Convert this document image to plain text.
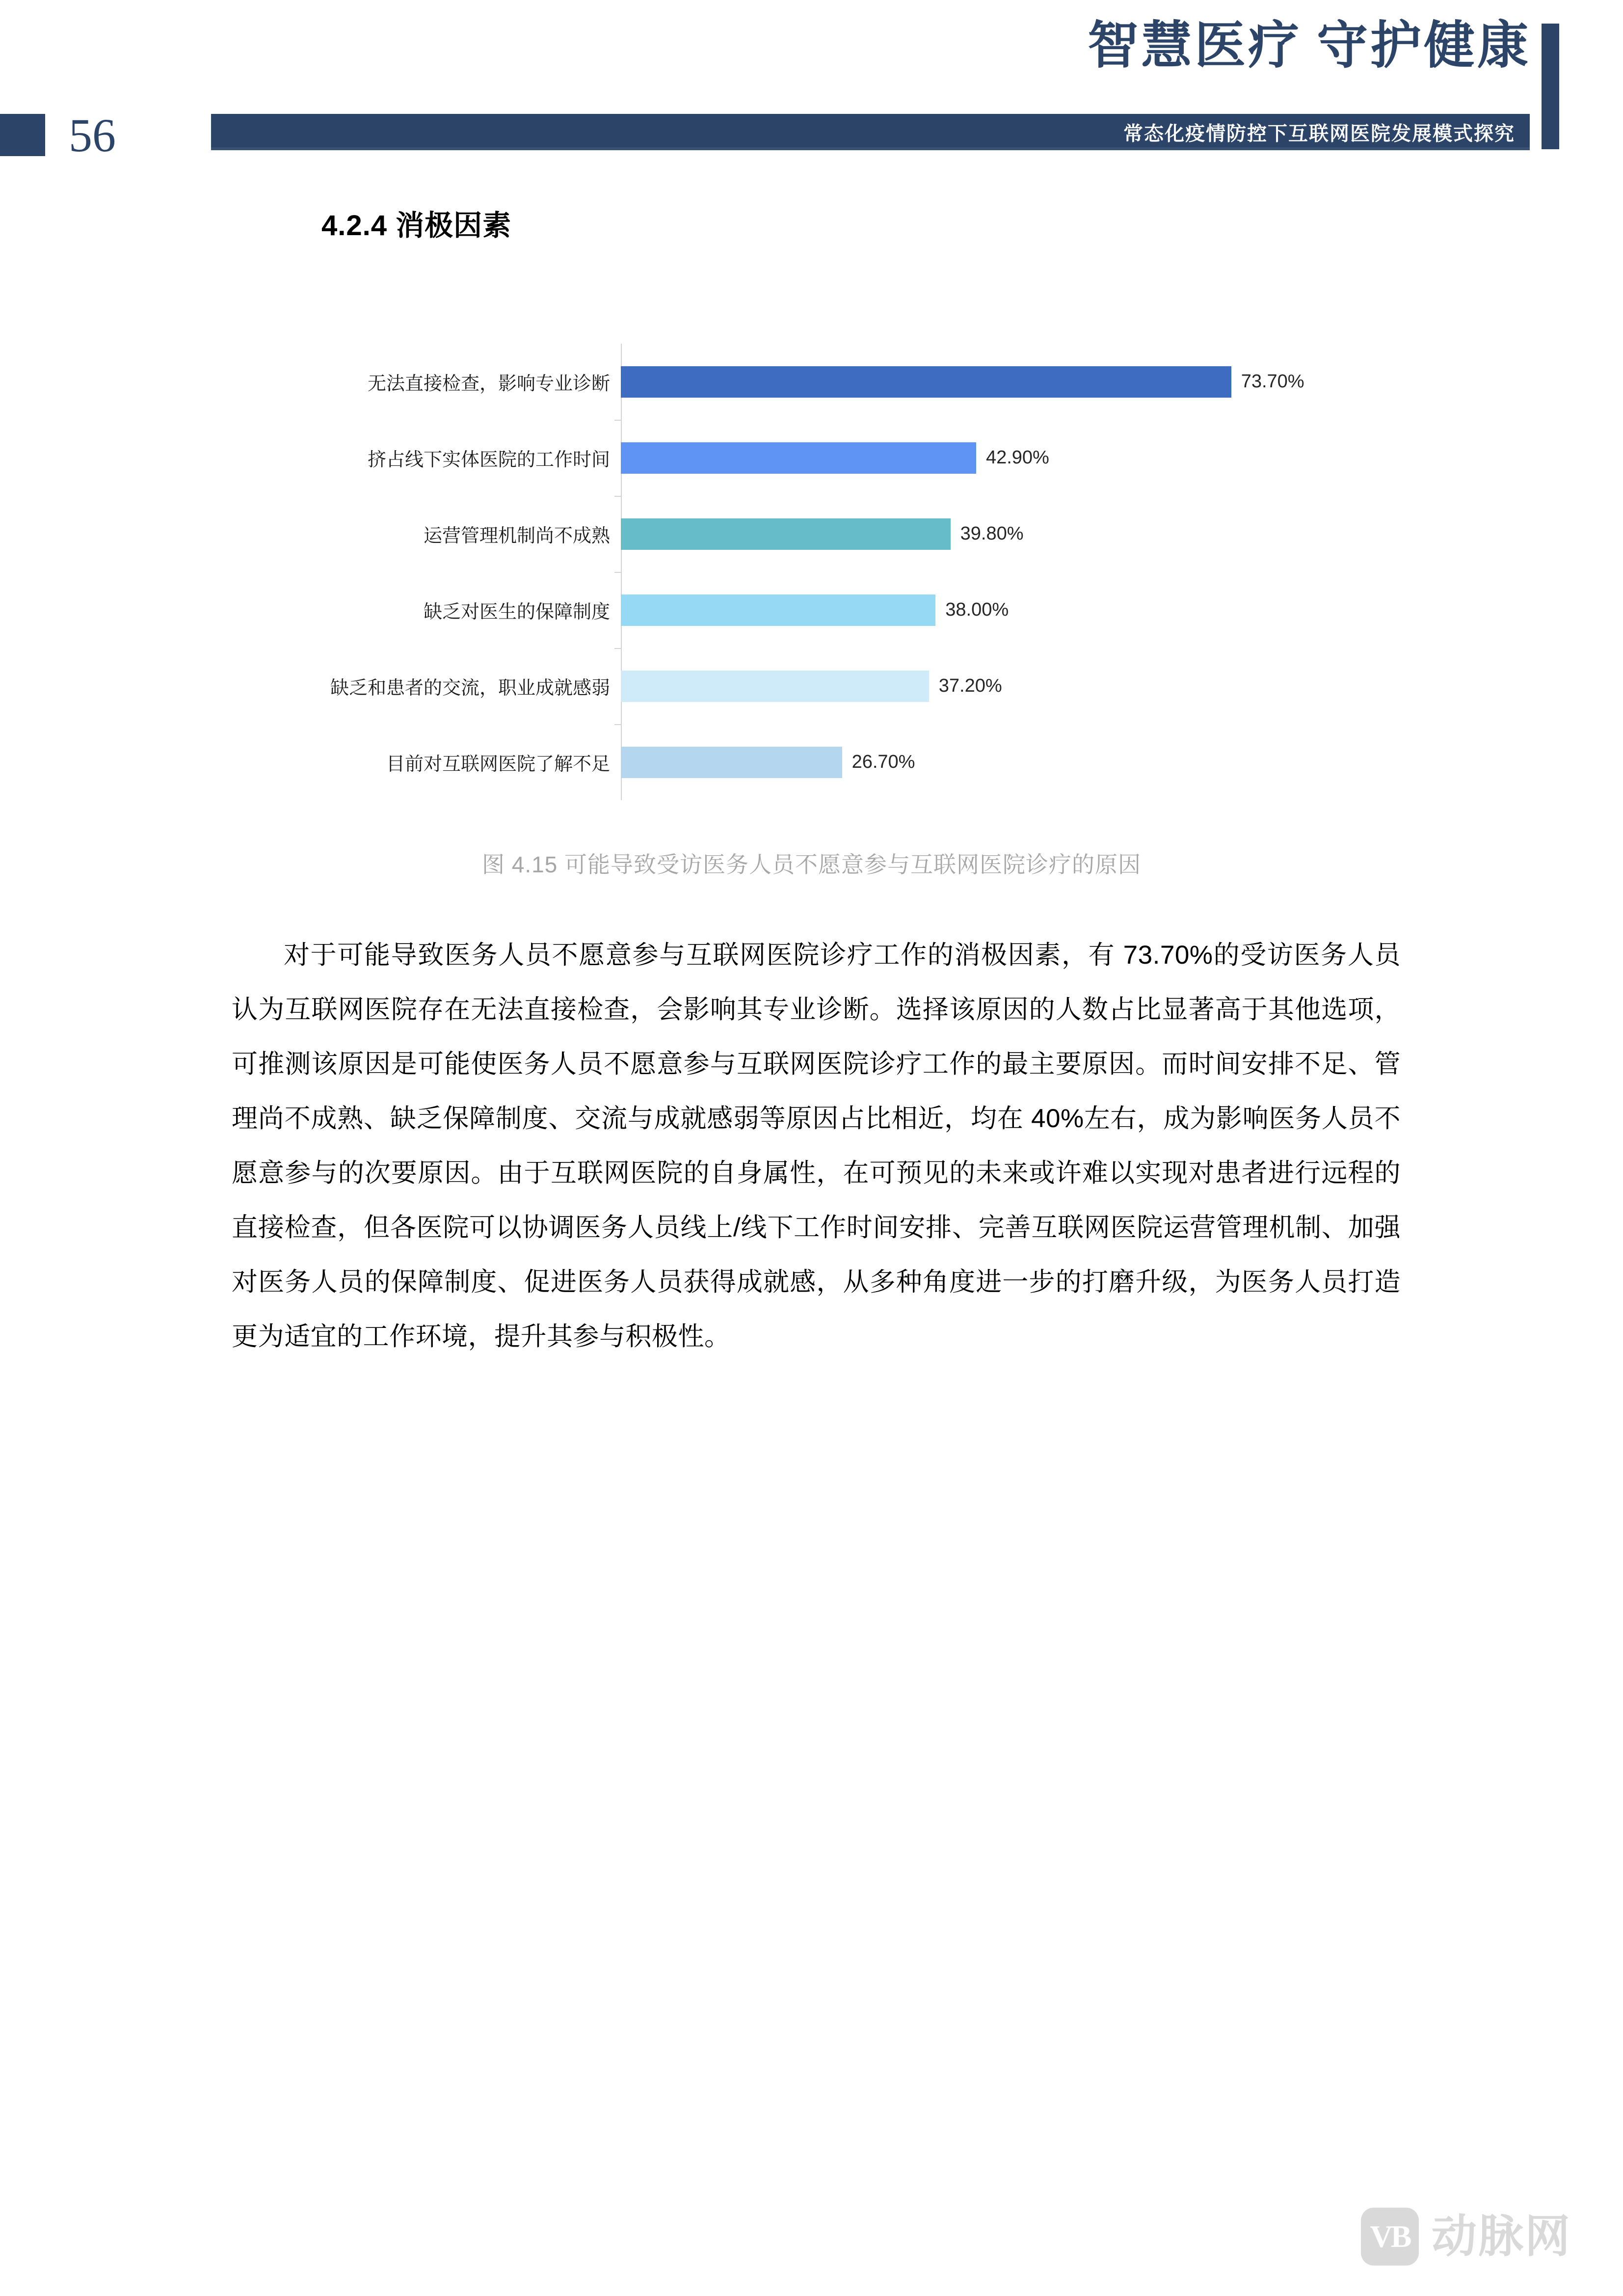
智慧医疗 守护健康
56	常态化疫情防控下互联网医院发展模式探究
4.2.4 消极因素
无法直接检查，影响专业诊断	73.70%
挤占线下实体医院的工作时间	42.90%
运营管理机制尚不成熟	39.80%
缺乏对医生的保障制度	38.00%
缺乏和患者的交流，职业成就感弱	37.20%
目前对互联网医院了解不足	26.70%
图 4.15 可能导致受访医务人员不愿意参与互联网医院诊疗的原因

对于可能导致医务人员不愿意参与互联网医院诊疗工作的消极因素，有 73.70%的受访医务人员认为互联网医院存在无法直接检查，会影响其专业诊断。选择该原因的人数占比显著高于其他选项，可推测该原因是可能使医务人员不愿意参与互联网医院诊疗工作的最主要原因。而时间安排不足、管理尚不成熟、缺乏保障制度、交流与成就感弱等原因占比相近，均在 40%左右，成为影响医务人员不愿意参与的次要原因。由于互联网医院的自身属性，在可预见的未来或许难以实现对患者进行远程的直接检查，但各医院可以协调医务人员线上/线下工作时间安排、完善互联网医院运营管理机制、加强对医务人员的保障制度、促进医务人员获得成就感，从多种角度进一步的打磨升级，为医务人员打造更为适宜的工作环境，提升其参与积极性。

VB 动脉网
